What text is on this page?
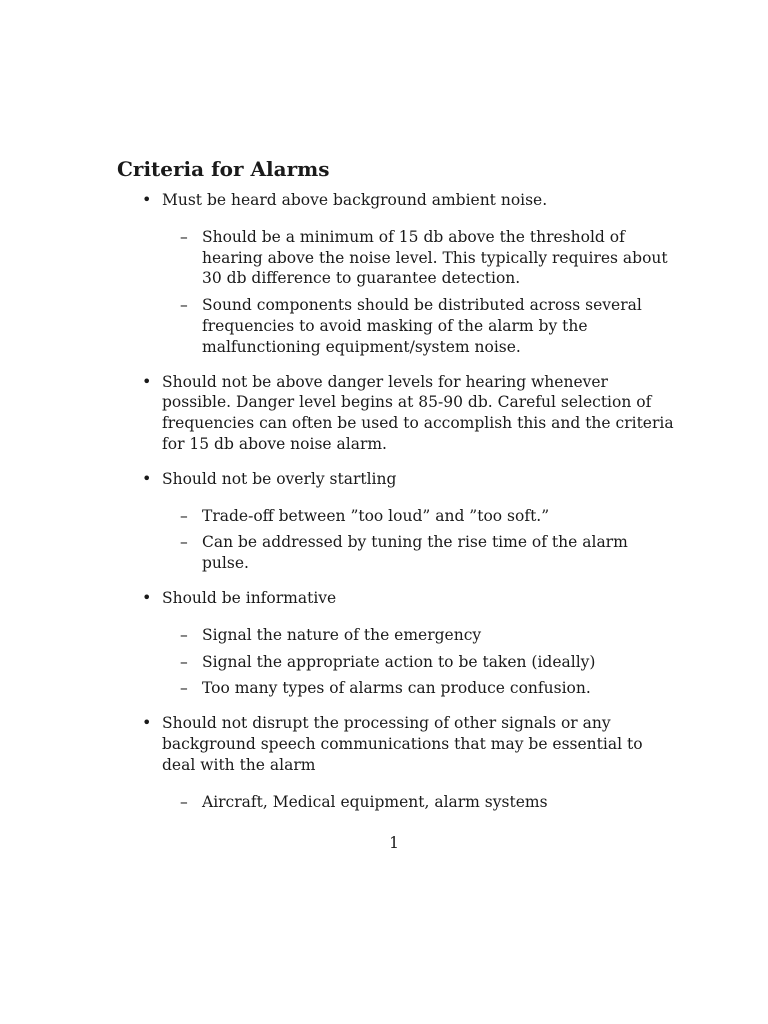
Criteria for Alarms
• Must be heard above background ambient noise.
– Should be a minimum of 15 db above the threshold of hearing above the noise level. This typically requires about 30 db difference to guarantee detection.
– Sound components should be distributed across several frequencies to avoid masking of the alarm by the malfunctioning equipment/system noise.
• Should not be above danger levels for hearing whenever possible. Danger level begins at 85-90 db. Careful selection of frequencies can often be used to accomplish this and the criteria for 15 db above noise alarm.
• Should not be overly startling
– Trade-off between ”too loud” and ”too soft.”
– Can be addressed by tuning the rise time of the alarm pulse.
• Should be informative
– Signal the nature of the emergency
– Signal the appropriate action to be taken (ideally)
– Too many types of alarms can produce confusion.
• Should not disrupt the processing of other signals or any background speech communications that may be essential to deal with the alarm
– Aircraft, Medical equipment, alarm systems
1
